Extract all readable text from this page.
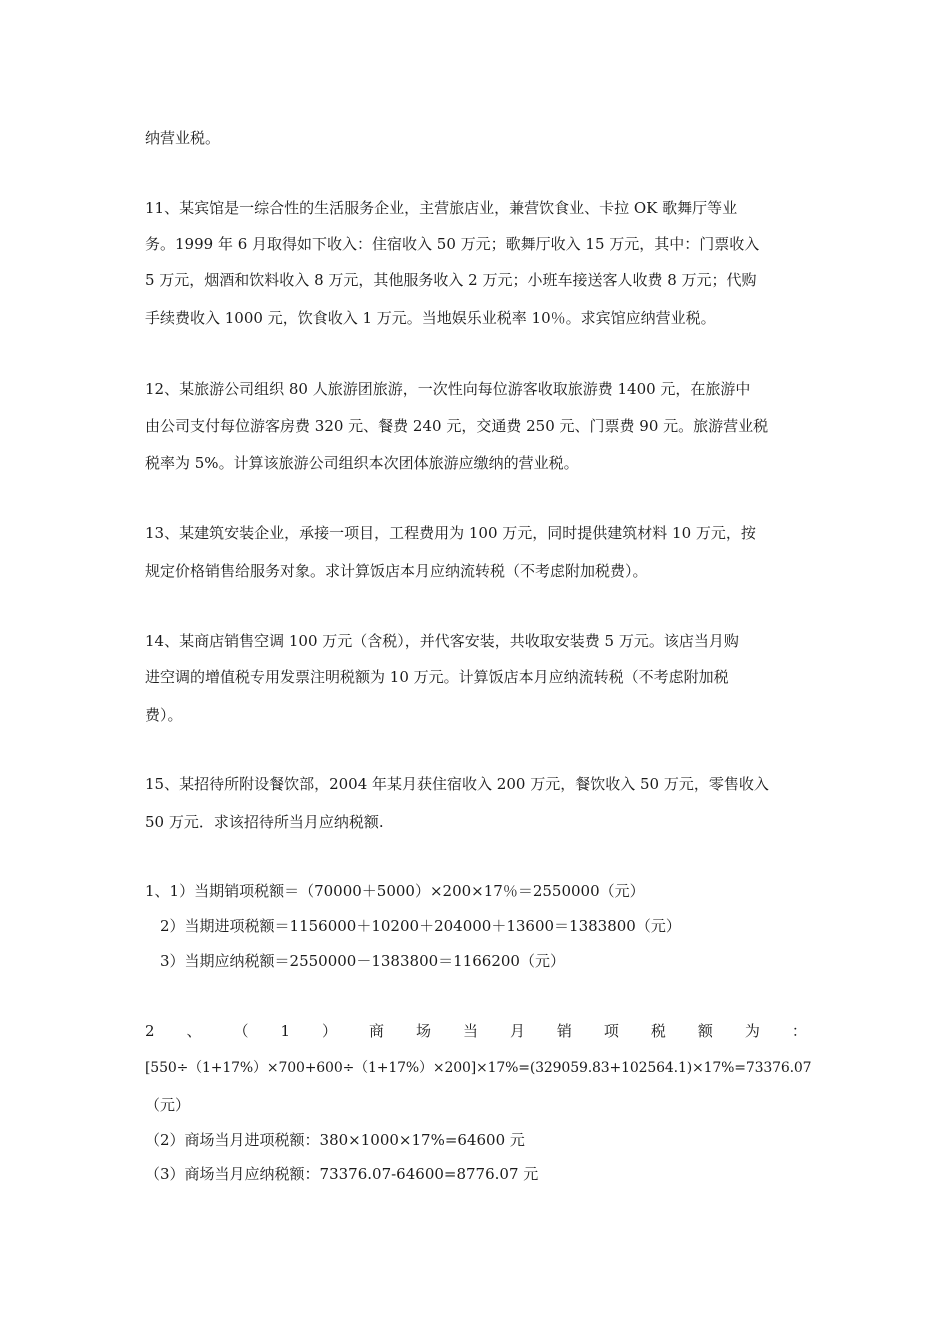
纳营业税。
11、某宾馆是一综合性的生活服务企业，主营旅店业，兼营饮食业、卡拉 OK 歌舞厅等业
务。1999 年 6 月取得如下收入：住宿收入 50 万元；歌舞厅收入 15 万元，其中：门票收入
5 万元，烟酒和饮料收入 8 万元，其他服务收入 2 万元；小班车接送客人收费 8 万元；代购
手续费收入 1000 元，饮食收入 1 万元。当地娱乐业税率 10％。求宾馆应纳营业税。
12、某旅游公司组织 80 人旅游团旅游，一次性向每位游客收取旅游费 1400 元，在旅游中
由公司支付每位游客房费 320 元、餐费 240 元，交通费 250 元、门票费 90 元。旅游营业税
税率为 5%。计算该旅游公司组织本次团体旅游应缴纳的营业税。
13、某建筑安装企业，承接一项目，工程费用为 100 万元，同时提供建筑材料 10 万元，按
规定价格销售给服务对象。求计算饭店本月应纳流转税（不考虑附加税费）。
14、某商店销售空调 100 万元（含税），并代客安装，共收取安装费 5 万元。该店当月购
进空调的增值税专用发票注明税额为 10 万元。计算饭店本月应纳流转税（不考虑附加税
费）。
15、某招待所附设餐饮部，2004 年某月获住宿收入 200 万元，餐饮收入 50 万元，零售收入
50 万元．求该招待所当月应纳税额.
1、1）当期销项税额＝（70000＋5000）×200×17％＝2550000（元）
2）当期进项税额＝1156000＋10200＋204000＋13600＝1383800（元）
3）当期应纳税额＝2550000－1383800＝1166200（元）
2 、 （ 1 ） 商 场 当 月 销 项 税 额 为 ：
[550÷（1+17%）×700+600÷（1+17%）×200]×17%=(329059.83+102564.1)×17%=73376.07
（元）
（2）商场当月进项税额：380×1000×17%=64600 元
（3）商场当月应纳税额：73376.07-64600=8776.07 元
